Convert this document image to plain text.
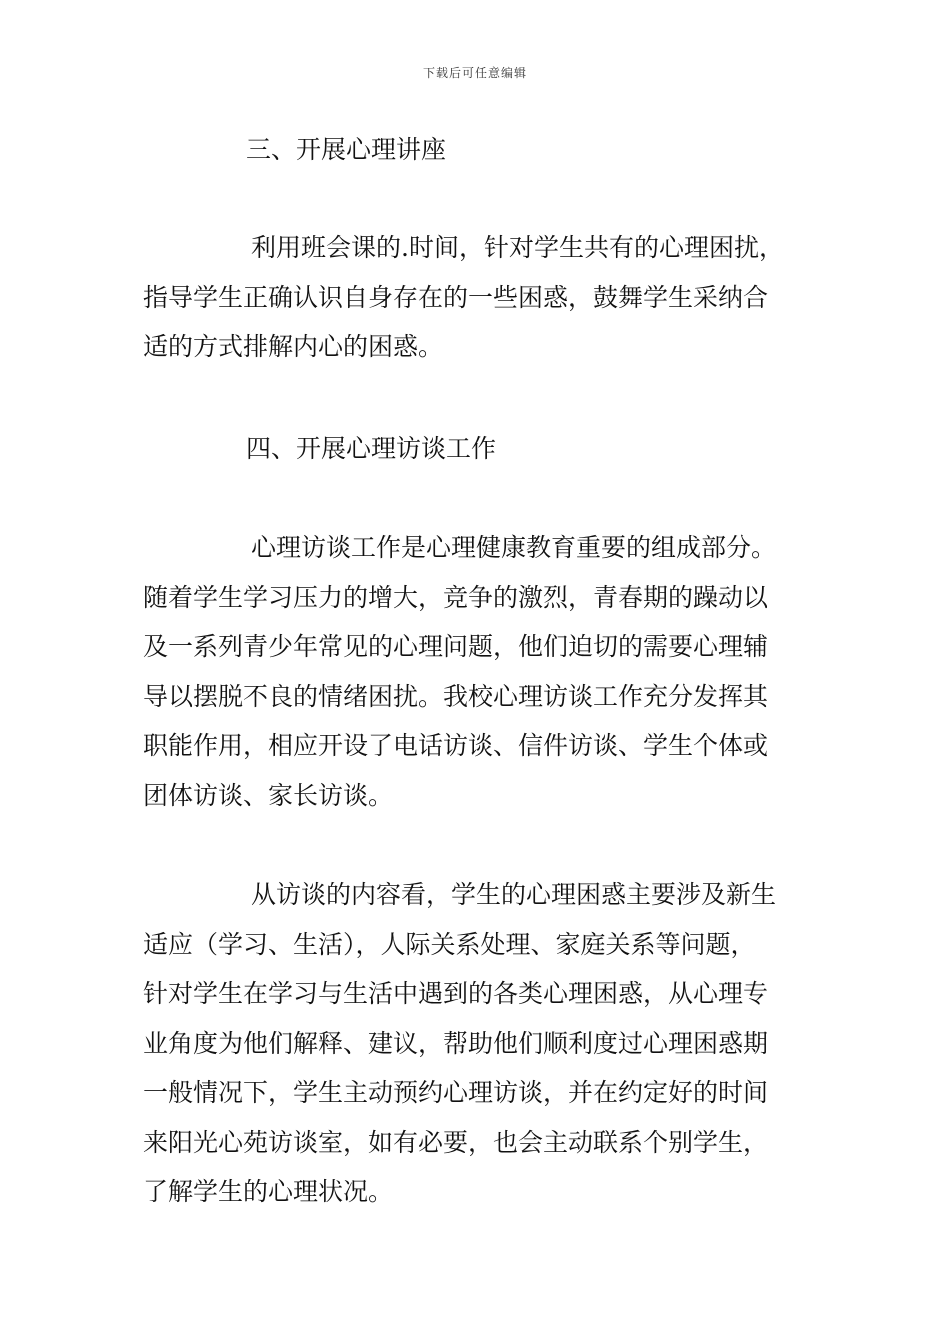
下载后可任意编辑
三、开展心理讲座
利用班会课的.时间，针对学生共有的心理困扰，
指导学生正确认识自身存在的一些困惑，鼓舞学生采纳合
适的方式排解内心的困惑。
四、开展心理访谈工作
心理访谈工作是心理健康教育重要的组成部分。
随着学生学习压力的增大，竞争的激烈，青春期的躁动以
及一系列青少年常见的心理问题，他们迫切的需要心理辅
导以摆脱不良的情绪困扰。我校心理访谈工作充分发挥其
职能作用，相应开设了电话访谈、信件访谈、学生个体或
团体访谈、家长访谈。
从访谈的内容看，学生的心理困惑主要涉及新生
适应（学习、生活），人际关系处理、家庭关系等问题，
针对学生在学习与生活中遇到的各类心理困惑，从心理专
业角度为他们解释、建议，帮助他们顺利度过心理困惑期
一般情况下，学生主动预约心理访谈，并在约定好的时间
来阳光心苑访谈室，如有必要，也会主动联系个别学生，
了解学生的心理状况。
